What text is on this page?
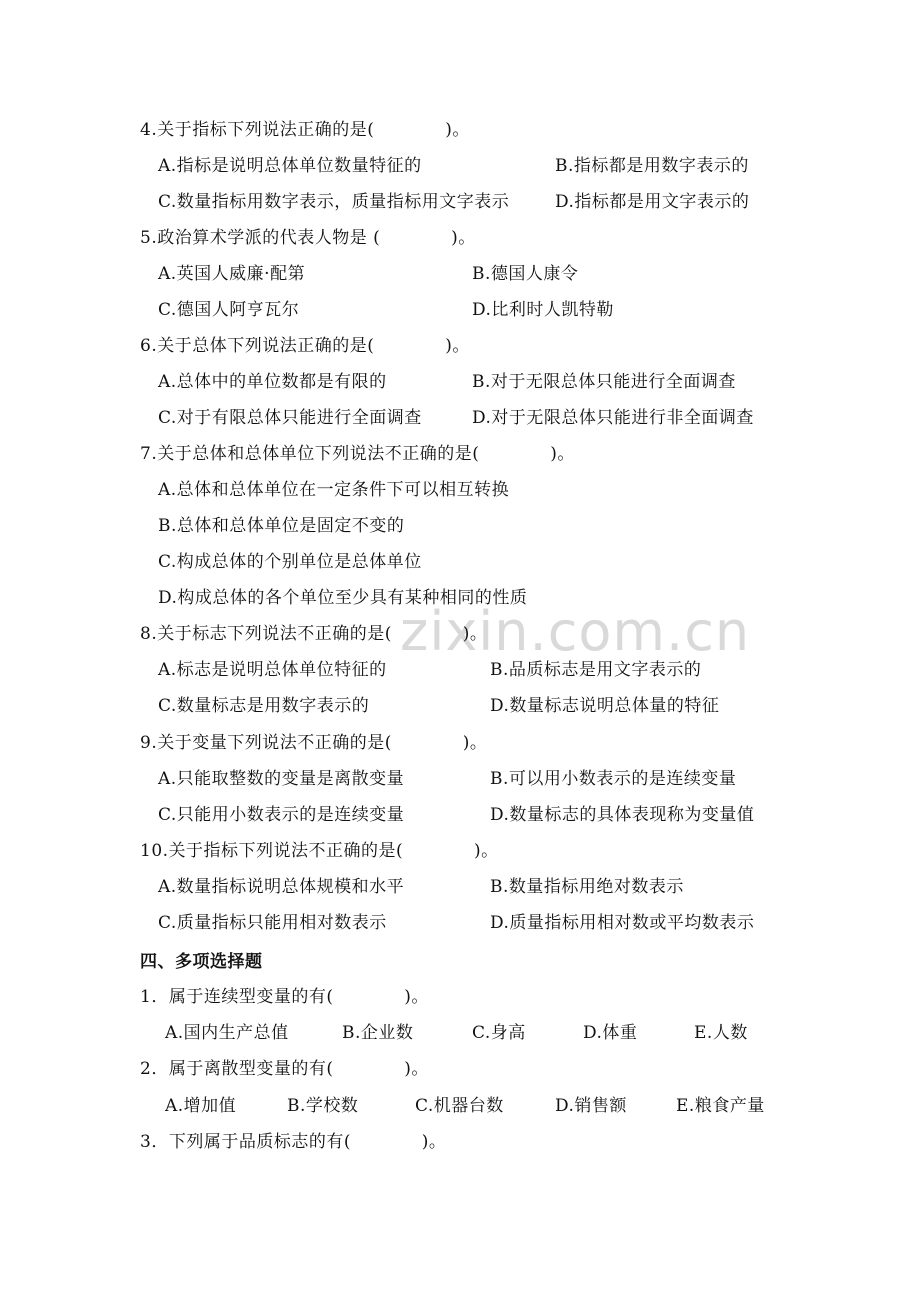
zixin.com.cn
4.关于指标下列说法正确的是(            )。
A.指标是说明总体单位数量特征的	B.指标都是用数字表示的
C.数量指标用数字表示，质量指标用文字表示	D.指标都是用文字表示的
5.政治算术学派的代表人物是 (            )。
A.英国人威廉·配第	B.德国人康令
C.德国人阿亨瓦尔	D.比利时人凯特勒
6.关于总体下列说法正确的是(            )。
A.总体中的单位数都是有限的	B.对于无限总体只能进行全面调查
C.对于有限总体只能进行全面调查	D.对于无限总体只能进行非全面调查
7.关于总体和总体单位下列说法不正确的是(            )。
A.总体和总体单位在一定条件下可以相互转换
B.总体和总体单位是固定不变的
C.构成总体的个别单位是总体单位
D.构成总体的各个单位至少具有某种相同的性质
8.关于标志下列说法不正确的是(            )。
A.标志是说明总体单位特征的	B.品质标志是用文字表示的
C.数量标志是用数字表示的	D.数量标志说明总体量的特征
9.关于变量下列说法不正确的是(            )。
A.只能取整数的变量是离散变量	B.可以用小数表示的是连续变量
C.只能用小数表示的是连续变量	D.数量标志的具体表现称为变量值
10.关于指标下列说法不正确的是(            )。
A.数量指标说明总体规模和水平	B.数量指标用绝对数表示
C.质量指标只能用相对数表示	D.质量指标用相对数或平均数表示
四、多项选择题
1．属于连续型变量的有(            )。
A.国内生产总值	B.企业数	C.身高	D.体重	E.人数
2．属于离散型变量的有(            )。
A.增加值	B.学校数	C.机器台数	D.销售额	E.粮食产量
3．下列属于品质标志的有(            )。
